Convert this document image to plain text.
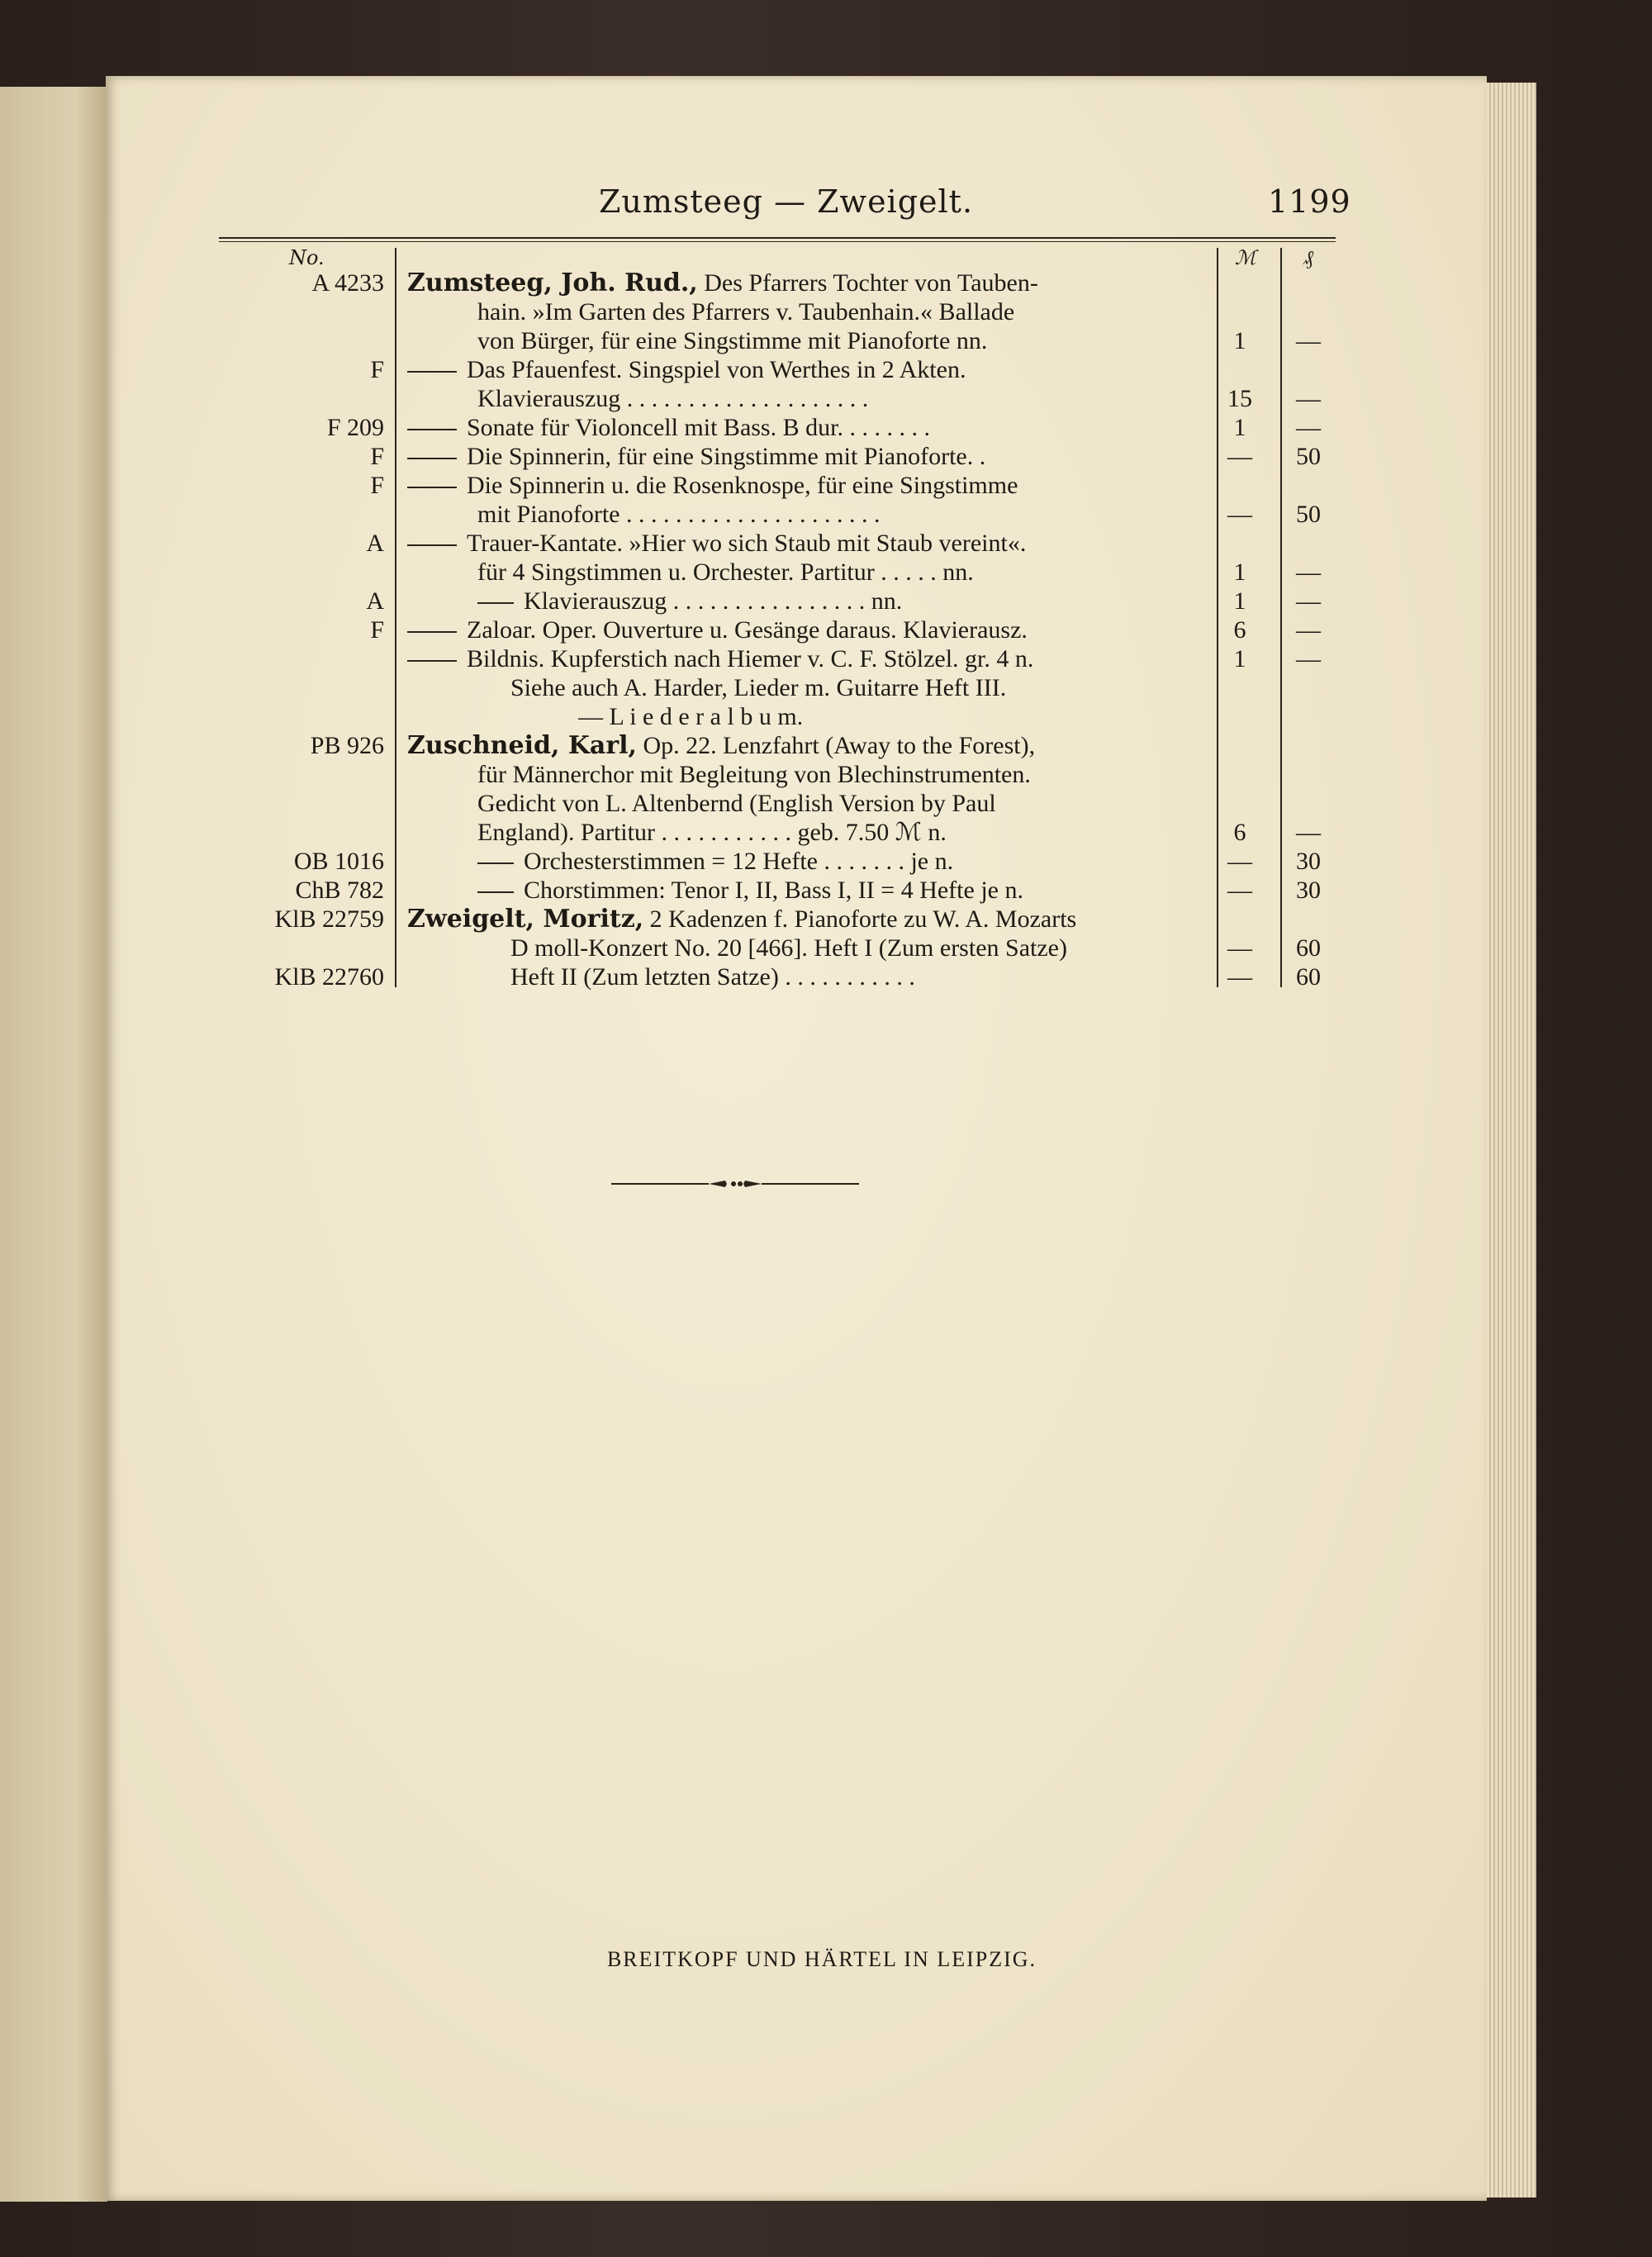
Zumsteeg — Zweigelt.	1199
No.	ℳ ₰
A 4233 Zumsteeg, Joh. Rud., Des Pfarrers Tochter von Tauben-
hain. »Im Garten des Pfarrers v. Taubenhain.« Ballade
von Bürger, für eine Singstimme mit Pianoforte nn.	1	—
F	Das Pfauenfest. Singspiel von Werthes in 2 Akten.
Klavierauszug . . . . . . . . . . . . . . . . . . . .	15	—
F 209	Sonate für Violoncell mit Bass. B dur. . . . . . . .	1	—
F	Die Spinnerin, für eine Singstimme mit Pianoforte. .	—	50
F	Die Spinnerin u. die Rosenknospe, für eine Singstimme
mit Pianoforte . . . . . . . . . . . . . . . . . . . . .	—	50
A	Trauer-Kantate. »Hier wo sich Staub mit Staub vereint«.
für 4 Singstimmen u. Orchester. Partitur . . . . . nn.	1	—
A	Klavierauszug . . . . . . . . . . . . . . . . nn.	1	—
F	Zaloar. Oper. Ouverture u. Gesänge daraus. Klavierausz.	6	—
Bildnis. Kupferstich nach Hiemer v. C. F. Stölzel. gr. 4 n.	1	—
Siehe auch A. Harder, Lieder m. Guitarre Heft III.
— L i e d e r a l b u m.
PB 926 Zuschneid, Karl, Op. 22. Lenzfahrt (Away to the Forest),
für Männerchor mit Begleitung von Blechinstrumenten.
Gedicht von L. Altenbernd (English Version by Paul
England). Partitur . . . . . . . . . . . geb. 7.50 ℳ n.	6	—
OB 1016	Orchesterstimmen = 12 Hefte . . . . . . . je n.	—	30
ChB 782	Chorstimmen: Tenor I, II, Bass I, II = 4 Hefte je n.	—	30
KlB 22759 Zweigelt, Moritz, 2 Kadenzen f. Pianoforte zu W. A. Mozarts
D moll-Konzert No. 20 [466]. Heft I (Zum ersten Satze)	—	60
KlB 22760	Heft II (Zum letzten Satze) . . . . . . . . . . .	—	60
BREITKOPF UND HÄRTEL IN LEIPZIG.
